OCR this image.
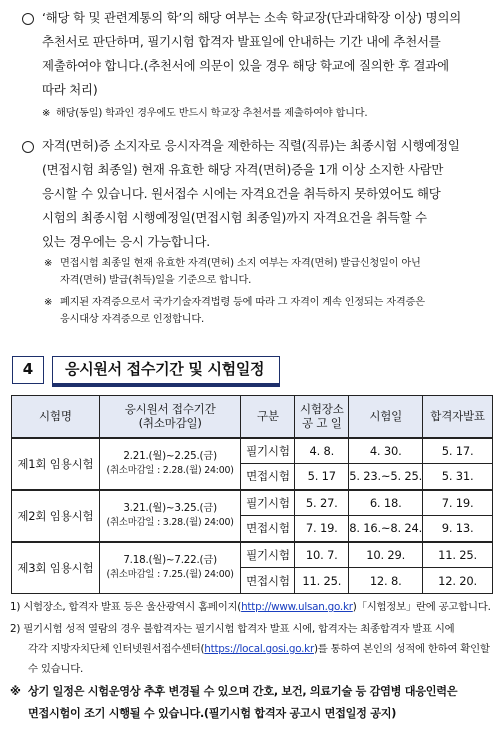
‘해당 학 및 관련계통의 학’의 해당 여부는 소속 학교장(단과대학장 이상) 명의의
추천서로 판단하며, 필기시험 합격자 발표일에 안내하는 기간 내에 추천서를
제출하여야 합니다.(추천서에 의문이 있을 경우 해당 학교에 질의한 후 결과에
따라 처리)
※ 해당(동일) 학과인 경우에도 반드시 학교장 추천서를 제출하여야 합니다.
자격(면허)증 소지자로 응시자격을 제한하는 직렬(직류)는 최종시험 시행예정일
(면접시험 최종일) 현재 유효한 해당 자격(면허)증을 1개 이상 소지한 사람만
응시할 수 있습니다. 원서접수 시에는 자격요건을 취득하지 못하였어도 해당
시험의 최종시험 시행예정일(면접시험 최종일)까지 자격요건을 취득할 수
있는 경우에는 응시 가능합니다.
※ 면접시험 최종일 현재 유효한 자격(면허) 소지 여부는 자격(면허) 발급신청일이 아닌
자격(면허) 발급(취득)일을 기준으로 합니다.
※ 폐지된 자격증으로서 국가기술자격법령 등에 따라 그 자격이 계속 인정되는 자격증은
응시대상 자격증으로 인정합니다.
4	응시원서 접수기간 및 시험일정
시험명	응시원서 접수기간
(취소마감일)	구분	시험장소
공 고 일	시험일	합격자발표
제1회 임용시험	2.21.(월)~2.25.(금)
(취소마감일 : 2.28.(월) 24:00)	필기시험	4. 8.	4. 30.	5. 17.
		면접시험	5. 17	5. 23.~5. 25.	5. 31.
제2회 임용시험	3.21.(월)~3.25.(금)
(취소마감일 : 3.28.(월) 24:00)	필기시험	5. 27.	6. 18.	7. 19.
		면접시험	7. 19.	8. 16.~8. 24.	9. 13.
제3회 임용시험	7.18.(월)~7.22.(금)
(취소마감일 : 7.25.(월) 24:00)	필기시험	10. 7.	10. 29.	11. 25.
		면접시험	11. 25.	12. 8.	12. 20.
1) 시험장소, 합격자 발표 등은 울산광역시 홈페이지(http://www.ulsan.go.kr)「시험정보」란에 공고합니다.
2) 필기시험 성적 열람의 경우 불합격자는 필기시험 합격자 발표 시에, 합격자는 최종합격자 발표 시에
각각 지방자치단체 인터넷원서접수센터(https://local.gosi.go.kr)를 통하여 본인의 성적에 한하여 확인할
수 있습니다.
※ 상기 일정은 시험운영상 추후 변경될 수 있으며 간호, 보건, 의료기술 등 감염병 대응인력은
면접시험이 조기 시행될 수 있습니다.(필기시험 합격자 공고시 면접일정 공지)
